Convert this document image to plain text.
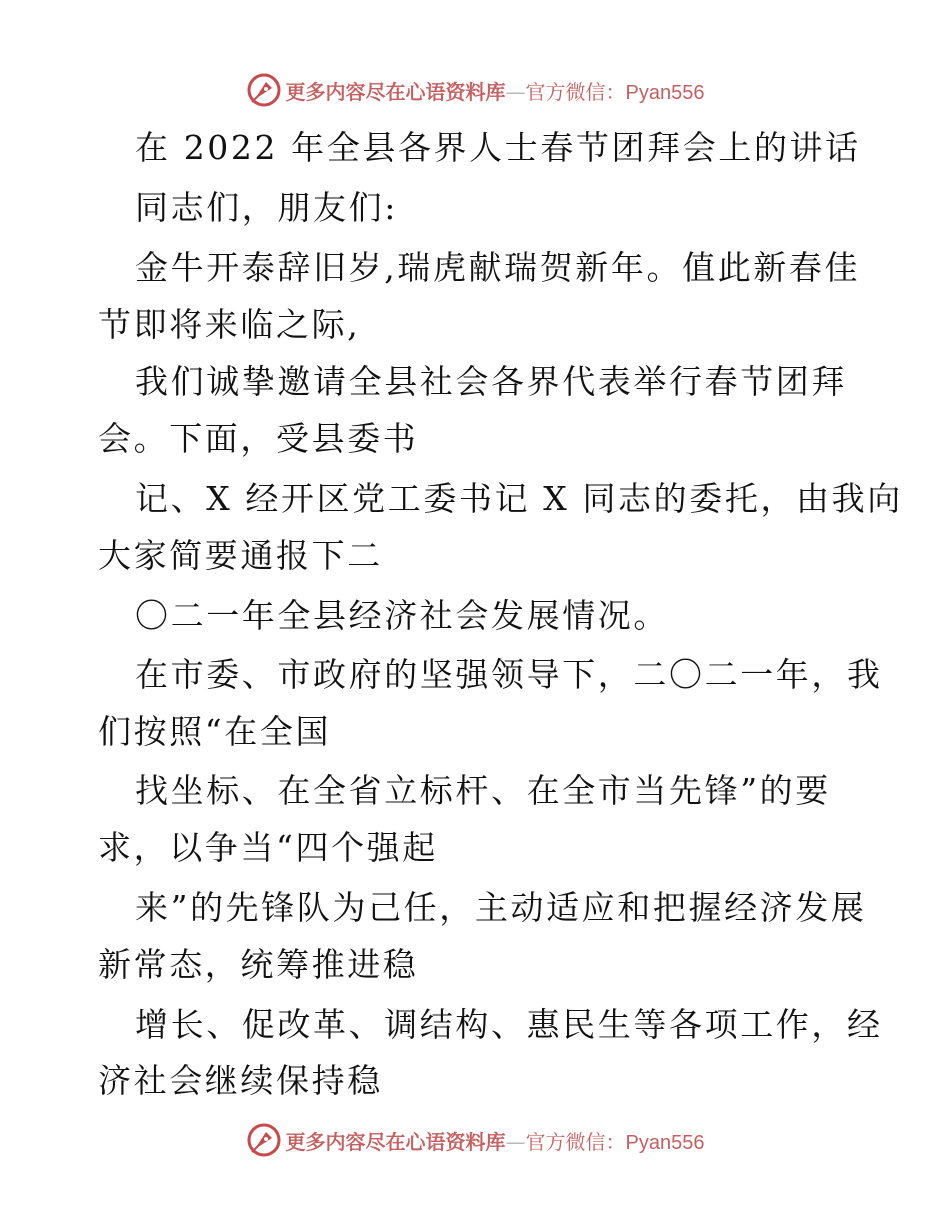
更多内容尽在心语资料库—官方微信：Pyan556
在 2022 年全县各界人士春节团拜会上的讲话
同志们，朋友们:
金牛开泰辞旧岁,瑞虎献瑞贺新年。值此新春佳
节即将来临之际,
我们诚挚邀请全县社会各界代表举行春节团拜
会。下面，受县委书
记、X 经开区党工委书记 X 同志的委托，由我向
大家简要通报下二
〇二一年全县经济社会发展情况。
在市委、市政府的坚强领导下，二〇二一年，我
们按照“在全国
找坐标、在全省立标杆、在全市当先锋”的要
求，以争当“四个强起
来”的先锋队为己任，主动适应和把握经济发展
新常态，统筹推进稳
增长、促改革、调结构、惠民生等各项工作，经
济社会继续保持稳
更多内容尽在心语资料库—官方微信：Pyan556
